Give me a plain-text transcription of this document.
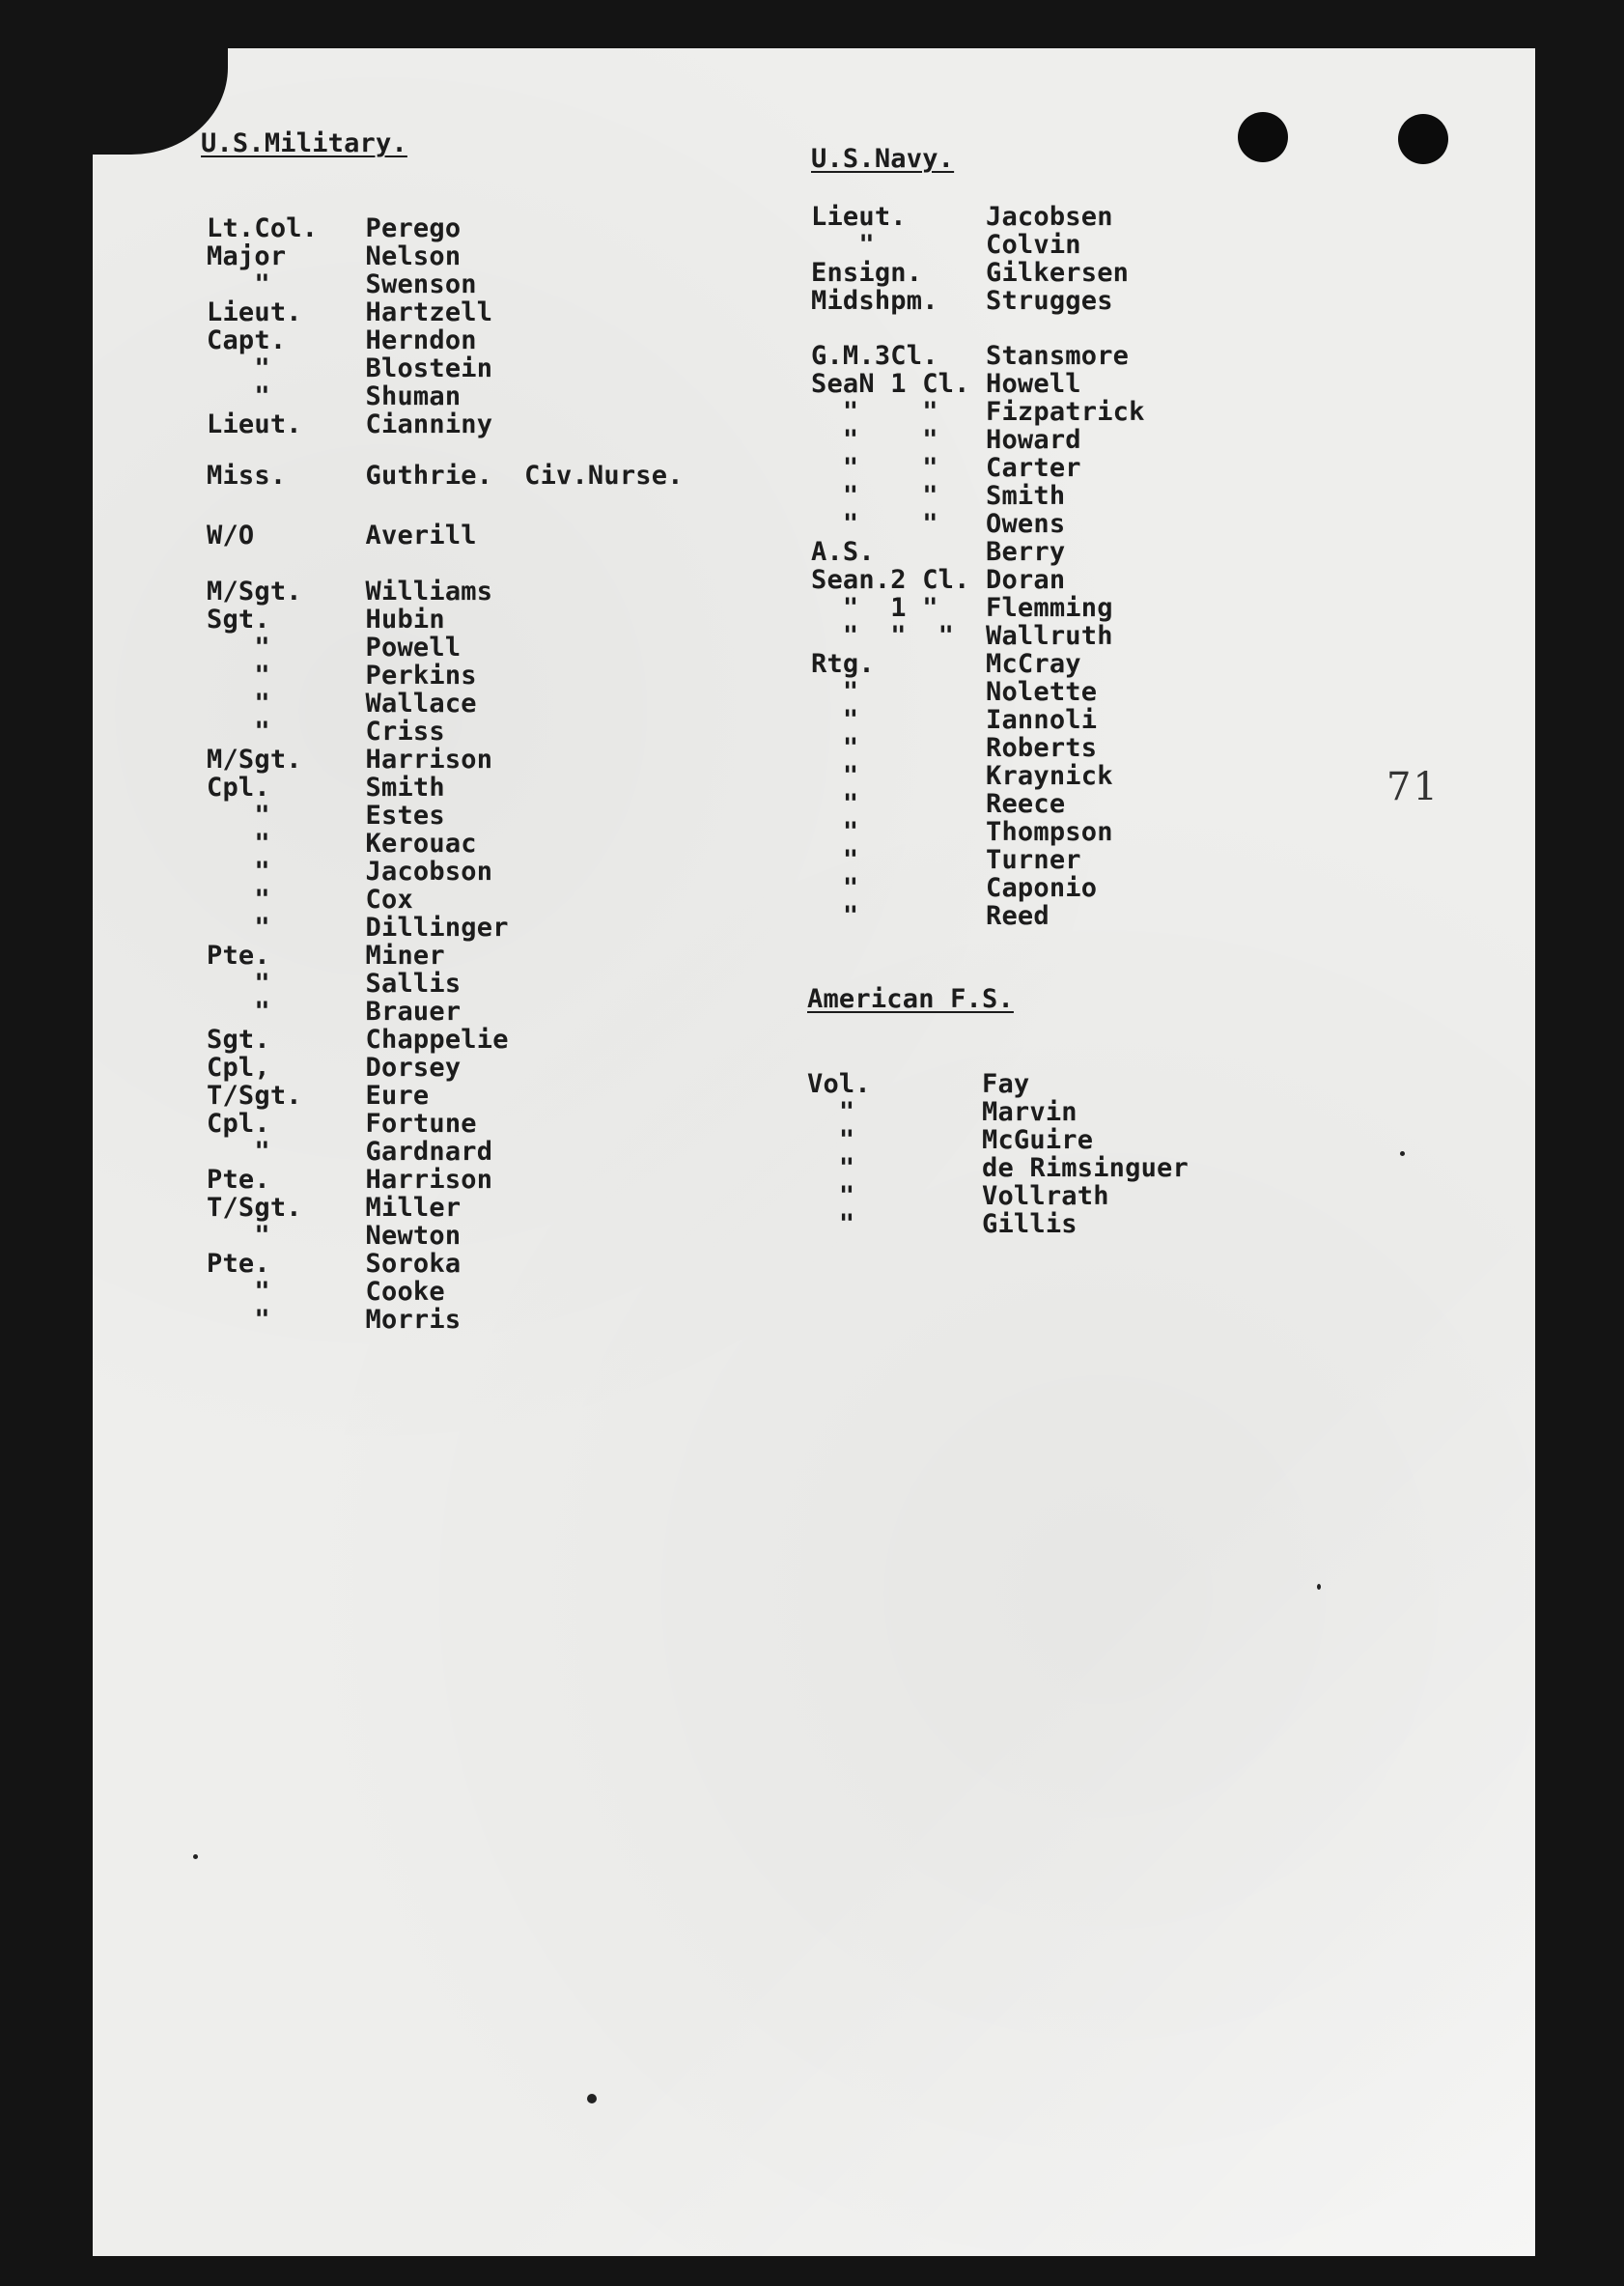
U.S.Military.
Lt.Col.   Perego
Major     Nelson
"      Swenson
Lieut.    Hartzell
Capt.     Herndon
"      Blostein
"      Shuman
Lieut.    Cianniny
Miss.     Guthrie.  Civ.Nurse.
W/O       Averill
M/Sgt.    Williams
Sgt.      Hubin
"      Powell
"      Perkins
"      Wallace
"      Criss
M/Sgt.    Harrison
Cpl.      Smith
"      Estes
"      Kerouac
"      Jacobson
"      Cox
"      Dillinger
Pte.      Miner
"      Sallis
"      Brauer
Sgt.      Chappelie
Cpl,      Dorsey
T/Sgt.    Eure
Cpl.      Fortune
"      Gardnard
Pte.      Harrison
T/Sgt.    Miller
"      Newton
Pte.      Soroka
"      Cooke
"      Morris
U.S.Navy.
Lieut.     Jacobsen
"       Colvin
Ensign.    Gilkersen
Midshpm.   Strugges
G.M.3Cl.   Stansmore
SeaN 1 Cl. Howell
"    "   Fizpatrick
"    "   Howard
"    "   Carter
"    "   Smith
"    "   Owens
A.S.       Berry
Sean.2 Cl. Doran
"  1 "   Flemming
"  "  "  Wallruth
Rtg.       McCray
"        Nolette
"        Iannoli
"        Roberts
"        Kraynick
"        Reece
"        Thompson
"        Turner
"        Caponio
"        Reed
American F.S.
Vol.       Fay
"        Marvin
"        McGuire
"        de Rimsinguer
"        Vollrath
"        Gillis
71
